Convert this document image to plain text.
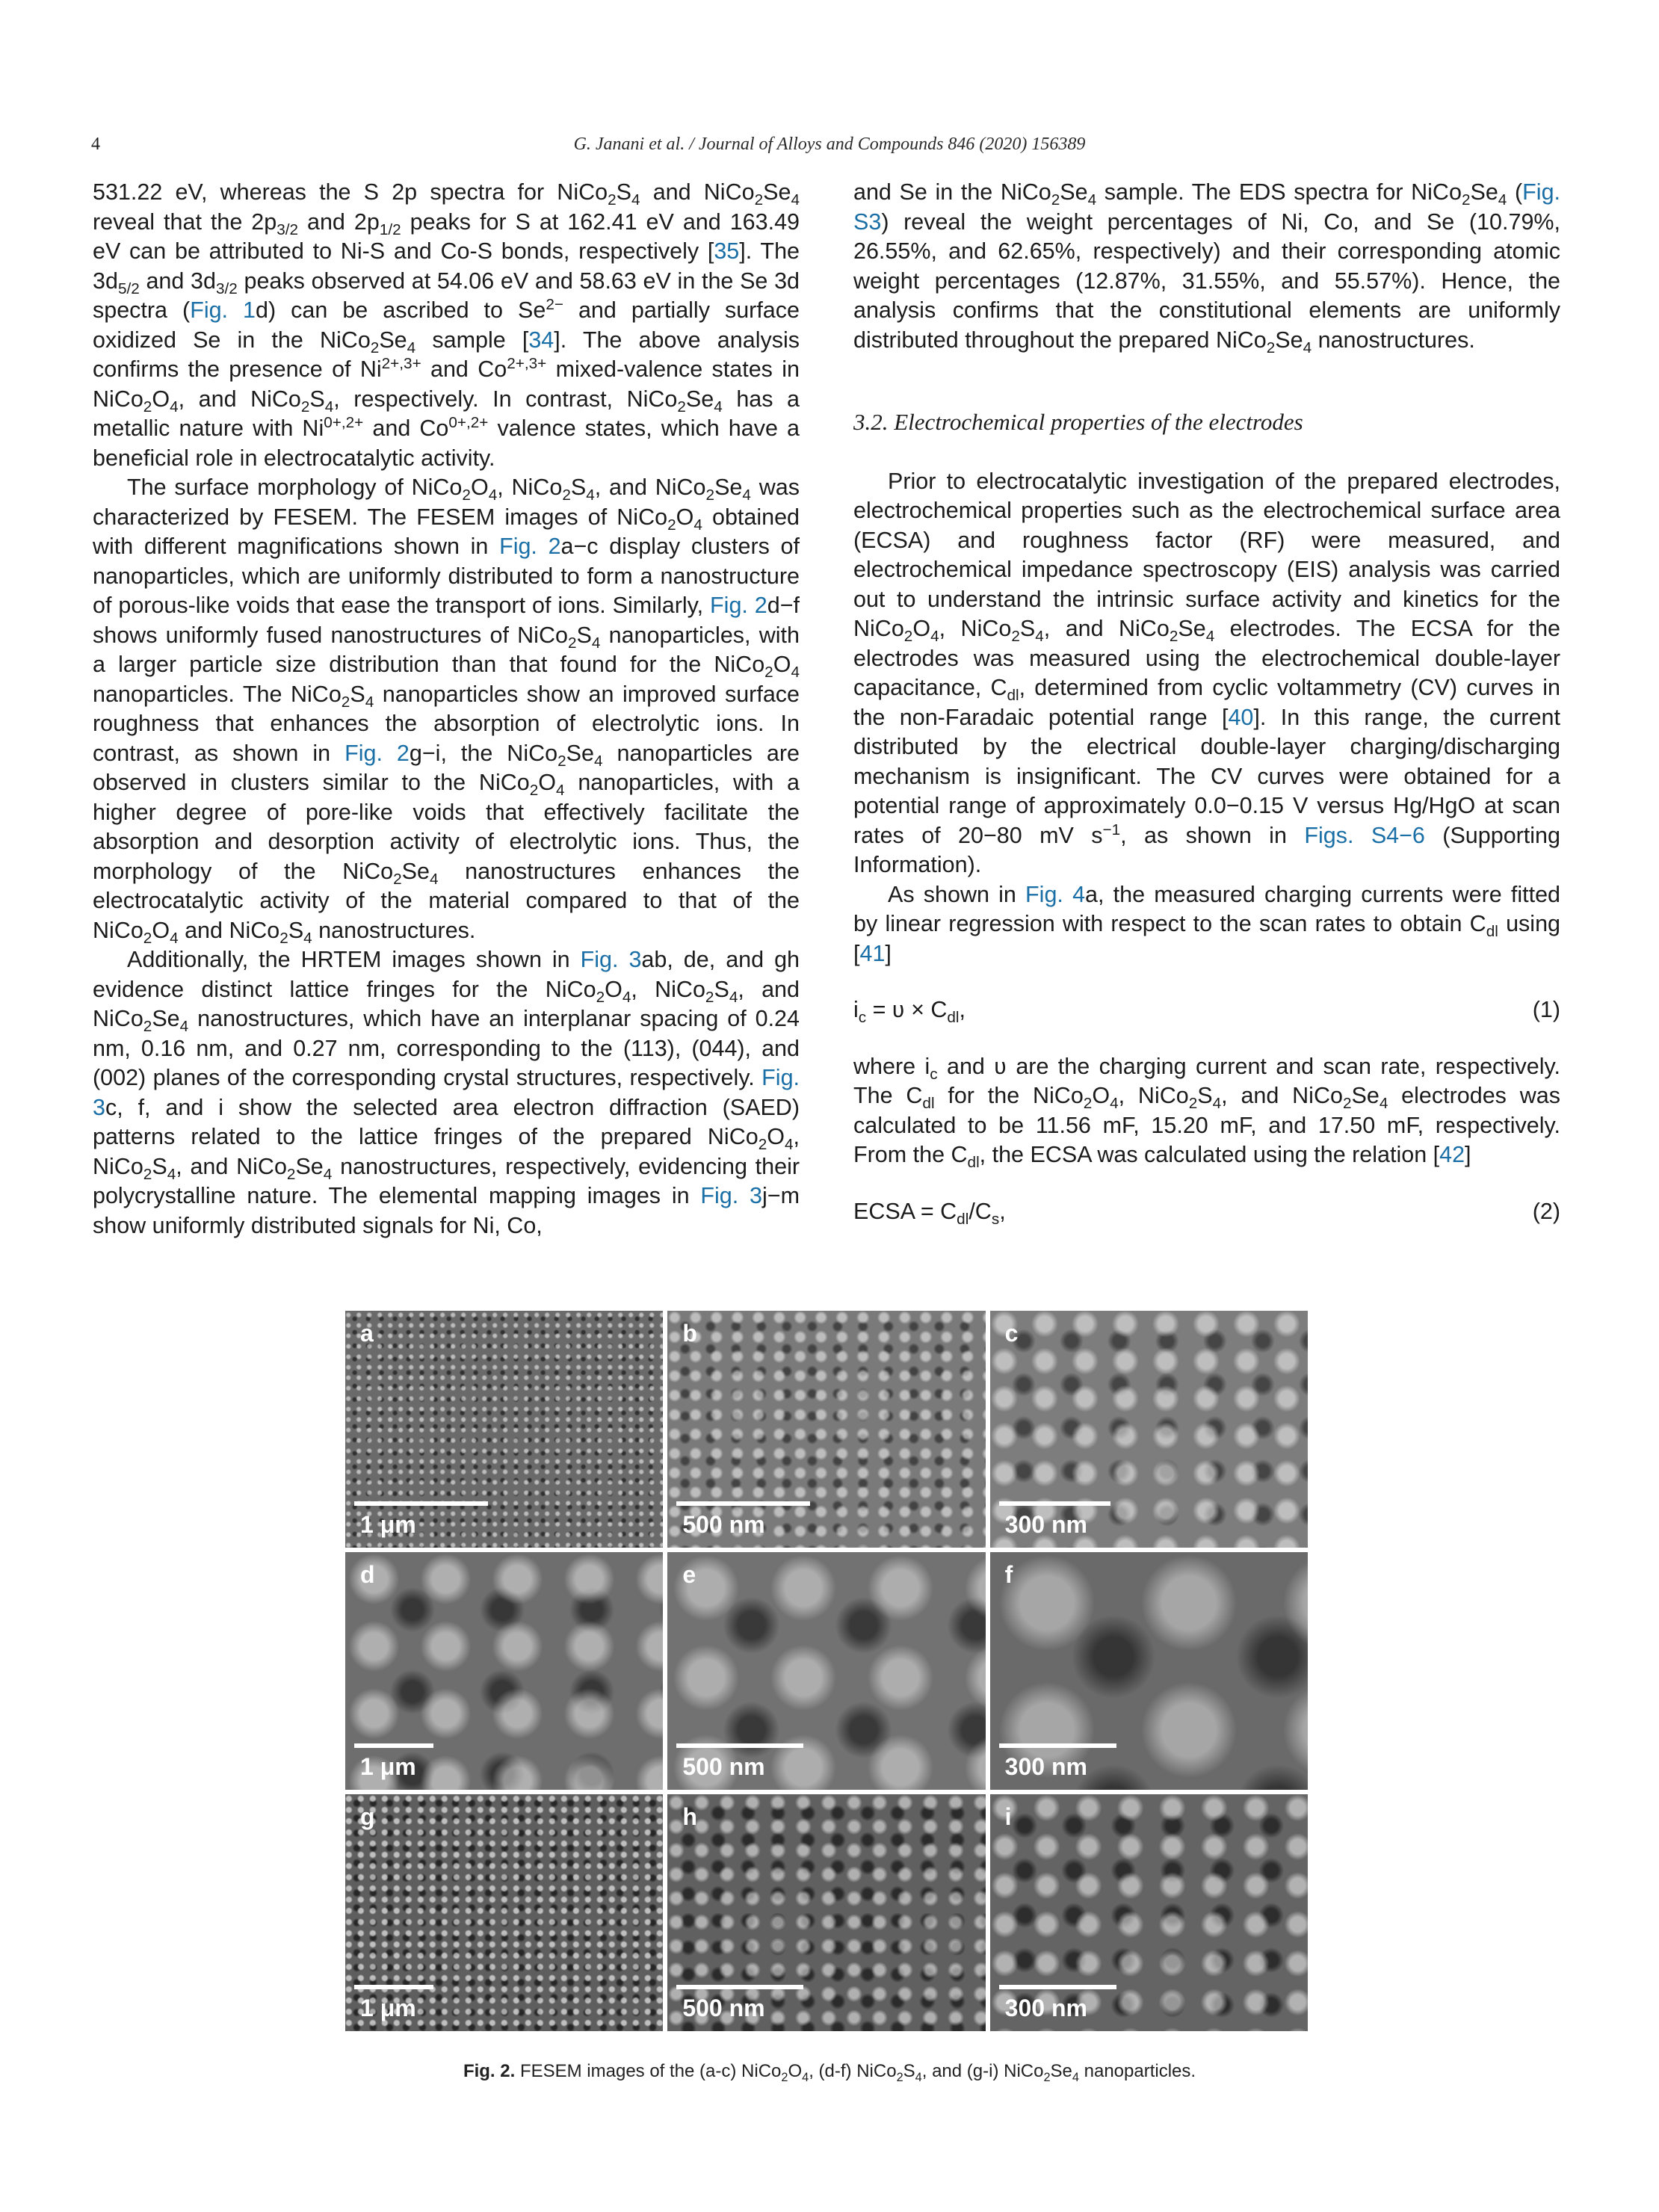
4	G. Janani et al. / Journal of Alloys and Compounds 846 (2020) 156389

531.22 eV, whereas the S 2p spectra for $NiCo_2S_4$ and $NiCo_2Se_4$ reveal that the $2p_{3/2}$ and $2p_{1/2}$ peaks for S at 162.41 eV and 163.49 eV can be attributed to Ni-S and Co-S bonds, respectively [35]. The $3d_{5/2}$ and $3d_{3/2}$ peaks observed at 54.06 eV and 58.63 eV in the Se 3d spectra (Fig. 1d) can be ascribed to $Se^{2-}$ and partially surface oxidized Se in the $NiCo_2Se_4$ sample [34]. The above analysis confirms the presence of $Ni^{2+,3+}$ and $Co^{2+,3+}$ mixed-valence states in $NiCo_2O_4$, and $NiCo_2S_4$, respectively. In contrast, $NiCo_2Se_4$ has a metallic nature with $Ni^{0+,2+}$ and $Co^{0+,2+}$ valence states, which have a beneficial role in electrocatalytic activity.

The surface morphology of $NiCo_2O_4$, $NiCo_2S_4$, and $NiCo_2Se_4$ was characterized by FESEM. The FESEM images of $NiCo_2O_4$ obtained with different magnifications shown in Fig. 2a−c display clusters of nanoparticles, which are uniformly distributed to form a nanostructure of porous-like voids that ease the transport of ions. Similarly, Fig. 2d−f shows uniformly fused nanostructures of $NiCo_2S_4$ nanoparticles, with a larger particle size distribution than that found for the $NiCo_2O_4$ nanoparticles. The $NiCo_2S_4$ nanoparticles show an improved surface roughness that enhances the absorption of electrolytic ions. In contrast, as shown in Fig. 2g−i, the $NiCo_2Se_4$ nanoparticles are observed in clusters similar to the $NiCo_2O_4$ nanoparticles, with a higher degree of pore-like voids that effectively facilitate the absorption and desorption activity of electrolytic ions. Thus, the morphology of the $NiCo_2Se_4$ nanostructures enhances the electrocatalytic activity of the material compared to that of the $NiCo_2O_4$ and $NiCo_2S_4$ nanostructures.

Additionally, the HRTEM images shown in Fig. 3ab, de, and gh evidence distinct lattice fringes for the $NiCo_2O_4$, $NiCo_2S_4$, and $NiCo_2Se_4$ nanostructures, which have an interplanar spacing of 0.24 nm, 0.16 nm, and 0.27 nm, corresponding to the (113), (044), and (002) planes of the corresponding crystal structures, respectively. Fig. 3c, f, and i show the selected area electron diffraction (SAED) patterns related to the lattice fringes of the prepared $NiCo_2O_4$, $NiCo_2S_4$, and $NiCo_2Se_4$ nanostructures, respectively, evidencing their polycrystalline nature. The elemental mapping images in Fig. 3j−m show uniformly distributed signals for Ni, Co,

and Se in the $NiCo_2Se_4$ sample. The EDS spectra for $NiCo_2Se_4$ (Fig. S3) reveal the weight percentages of Ni, Co, and Se (10.79%, 26.55%, and 62.65%, respectively) and their corresponding atomic weight percentages (12.87%, 31.55%, and 55.57%). Hence, the analysis confirms that the constitutional elements are uniformly distributed throughout the prepared $NiCo_2Se_4$ nanostructures.

3.2. Electrochemical properties of the electrodes

Prior to electrocatalytic investigation of the prepared electrodes, electrochemical properties such as the electrochemical surface area (ECSA) and roughness factor (RF) were measured, and electrochemical impedance spectroscopy (EIS) analysis was carried out to understand the intrinsic surface activity and kinetics for the $NiCo_2O_4$, $NiCo_2S_4$, and $NiCo_2Se_4$ electrodes. The ECSA for the electrodes was measured using the electrochemical double-layer capacitance, $C_{dl}$, determined from cyclic voltammetry (CV) curves in the non-Faradaic potential range [40]. In this range, the current distributed by the electrical double-layer charging/discharging mechanism is insignificant. The CV curves were obtained for a potential range of approximately 0.0−0.15 V versus Hg/HgO at scan rates of 20−80 mV $s^{-1}$, as shown in Figs. S4−6 (Supporting Information).

As shown in Fig. 4a, the measured charging currents were fitted by linear regression with respect to the scan rates to obtain $C_{dl}$ using [41]

$i_c$ = ʋ × $C_{dl}$,	(1)

where $i_c$ and ʋ are the charging current and scan rate, respectively. The $C_{dl}$ for the $NiCo_2O_4$, $NiCo_2S_4$, and $NiCo_2Se_4$ electrodes was calculated to be 11.56 mF, 15.20 mF, and 17.50 mF, respectively. From the $C_{dl}$, the ECSA was calculated using the relation [42]

ECSA = $C_{dl}/C_s$,	(2)
a
1 μm
b
500 nm
c
300 nm
d
1 μm
e
500 nm
f
300 nm
g
1 μm
h
500 nm
i
300 nm
Fig. 2. FESEM images of the (a-c) $NiCo_2O_4$, (d-f) $NiCo_2S_4$, and (g-i) $NiCo_2Se_4$ nanoparticles.
